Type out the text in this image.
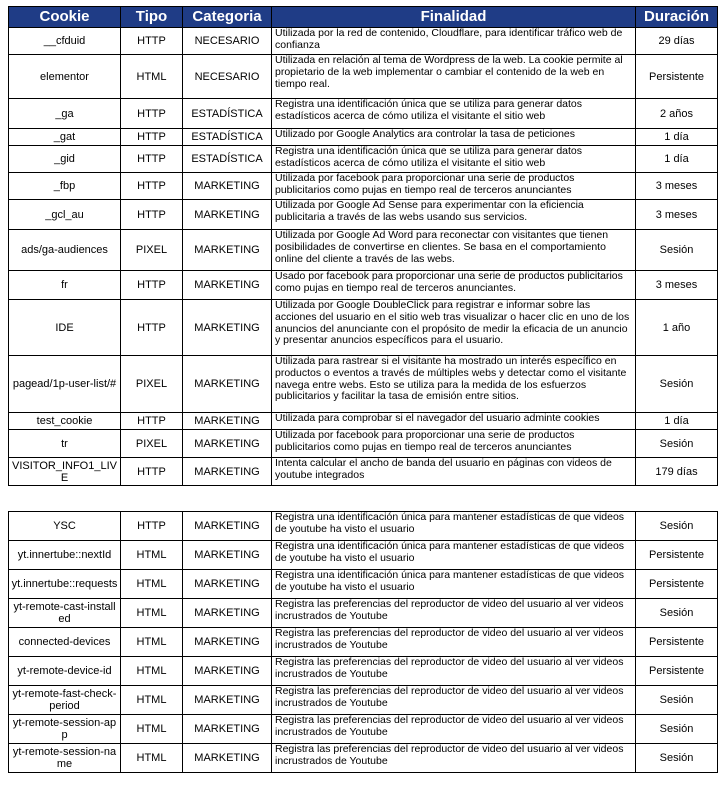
Cookie	Tipo	Categoria	Finalidad	Duración
__cfduid	HTTP	NECESARIO	Utilizada por la red de contenido, Cloudflare, para identificar tráfico web de confianza	29 días
elementor	HTML	NECESARIO	Utilizada en relación al tema de Wordpress de la web. La cookie permite al propietario de la web implementar o cambiar el contenido de la web en tiempo real.	Persistente
_ga	HTTP	ESTADÍSTICA	Registra una identificación única que se utiliza para generar datos estadísticos acerca de cómo utiliza el visitante el sitio web	2 años
_gat	HTTP	ESTADÍSTICA	Utilizado por Google Analytics ara controlar la tasa de peticiones	1 día
_gid	HTTP	ESTADÍSTICA	Registra una identificación única que se utiliza para generar datos estadísticos acerca de cómo utiliza el visitante el sitio web	1 día
_fbp	HTTP	MARKETING	Utilizada por facebook para proporcionar una serie de productos publicitarios como pujas en tiempo real de terceros anunciantes	3 meses
_gcl_au	HTTP	MARKETING	Utilizada por Google Ad Sense para experimentar con la eficiencia publicitaria a través de las webs usando sus servicios.	3 meses
ads/ga-audiences	PIXEL	MARKETING	Utilizada por Google Ad Word para reconectar con visitantes que tienen posibilidades de convertirse en clientes. Se basa en el comportamiento online del cliente a través de las webs.	Sesión
fr	HTTP	MARKETING	Usado por facebook para proporcionar una serie de productos publicitarios como pujas en tiempo real de terceros anunciantes.	3 meses
IDE	HTTP	MARKETING	Utilizada por Google DoubleClick para registrar e informar sobre las acciones del usuario en el sitio web tras visualizar o hacer clic en uno de los anuncios del anunciante con el propósito de medir la eficacia de un anuncio y presentar anuncios específicos para el usuario.	1 año
pagead/1p-user-list/#	PIXEL	MARKETING	Utilizada para rastrear si el visitante ha mostrado un interés específico en productos o eventos a través de múltiples webs y detectar como el visitante navega entre webs. Esto se utiliza para la medida de los esfuerzos publicitarios y facilitar la tasa de emisión entre sitios.	Sesión
test_cookie	HTTP	MARKETING	Utilizada para comprobar si el navegador del usuario adminte cookies	1 día
tr	PIXEL	MARKETING	Utilizada por facebook para proporcionar una serie de productos publicitarios como pujas en tiempo real de terceros anunciantes	Sesión
VISITOR_INFO1_LIVE	HTTP	MARKETING	Intenta calcular el ancho de banda del usuario en páginas con videos de youtube integrados	179 días
YSC	HTTP	MARKETING	Registra una identificación única para mantener estadísticas de que videos de youtube ha visto el usuario	Sesión
yt.innertube::nextId	HTML	MARKETING	Registra una identificación única para mantener estadísticas de que videos de youtube ha visto el usuario	Persistente
yt.innertube::requests	HTML	MARKETING	Registra una identificación única para mantener estadísticas de que videos de youtube ha visto el usuario	Persistente
yt-remote-cast-installed	HTML	MARKETING	Registra las preferencias del reproductor de video del usuario al ver videos incrustrados de Youtube	Sesión
connected-devices	HTML	MARKETING	Registra las preferencias del reproductor de video del usuario al ver videos incrustrados de Youtube	Persistente
yt-remote-device-id	HTML	MARKETING	Registra las preferencias del reproductor de video del usuario al ver videos incrustrados de Youtube	Persistente
yt-remote-fast-check-period	HTML	MARKETING	Registra las preferencias del reproductor de video del usuario al ver videos incrustrados de Youtube	Sesión
yt-remote-session-app	HTML	MARKETING	Registra las preferencias del reproductor de video del usuario al ver videos incrustrados de Youtube	Sesión
yt-remote-session-name	HTML	MARKETING	Registra las preferencias del reproductor de video del usuario al ver videos incrustrados de Youtube	Sesión
